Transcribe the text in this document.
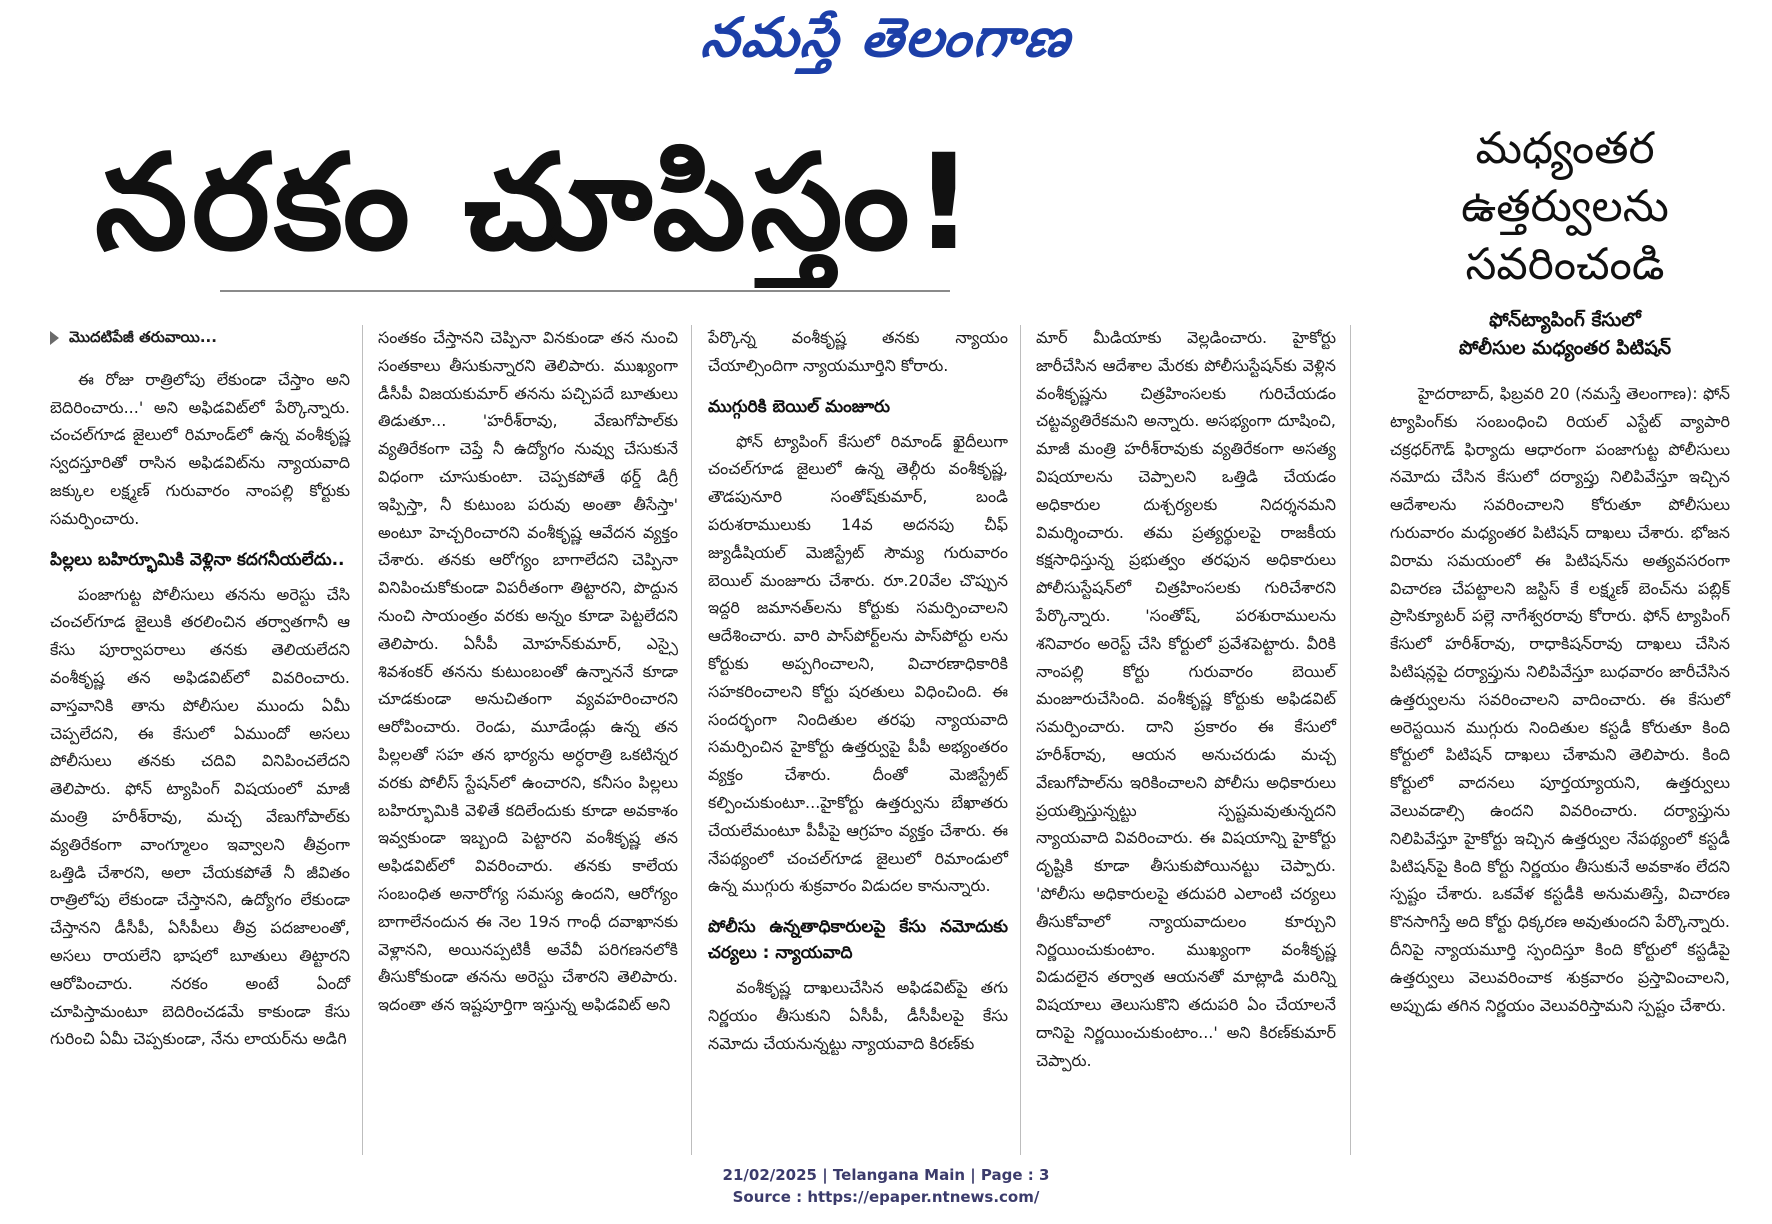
నమస్తే తెలంగాణ
నరకం చూపిస్తం!	మధ్యంతర
ఉత్తర్వులను
సవరించండి
ఫోన్‌ట్యాపింగ్ కేసులో
పోలీసుల మధ్యంతర పిటిషన్
మొదటిపేజీ తరువాయి...

ఈ రోజు రాత్రిలోపు లేకుండా చేస్తాం అని బెదిరించారు...' అని అఫిడవిట్‌లో పేర్కొన్నారు. చంచల్‌గూడ జైలులో రిమాండ్‌లో ఉన్న వంశీకృష్ణ స్వదస్తూరితో రాసిన అఫిడవిట్‌ను న్యాయవాది జక్కుల లక్ష్మణ్ గురువారం నాంపల్లి కోర్టుకు సమర్పించారు.

పిల్లలు బహిర్భూమికి వెళ్లినా కదగనీయలేదు..

పంజాగుట్ట పోలీసులు తనను అరెస్టు చేసి చంచల్‌గూడ జైలుకి తరలించిన తర్వాతగానీ ఆ కేసు పూర్వాపరాలు తనకు తెలియలేదని వంశీకృష్ణ తన అఫిడవిట్‌లో వివరించారు. వాస్తవానికి తాను పోలీసుల ముందు ఏమీ చెప్పలేదని, ఈ కేసులో ఏముందో అసలు పోలీసులు తనకు చదివి వినిపించలేదని తెలిపారు. ఫోన్ ట్యాపింగ్ విషయంలో మాజీ మంత్రి హరీశ్‌రావు, మచ్చ వేణుగోపాల్‌కు వ్యతిరేకంగా వాంగ్మూలం ఇవ్వాలని తీవ్రంగా ఒత్తిడి చేశారని, అలా చేయకపోతే నీ జీవితం రాత్రిలోపు లేకుండా చేస్తానని, ఉద్యోగం లేకుండా చేస్తానని డీసీపీ, ఏసీపీలు తీవ్ర పదజాలంతో, అసలు రాయలేని భాషలో బూతులు తిట్టారని ఆరోపించారు. నరకం అంటే ఏందో చూపిస్తామంటూ బెదిరించడమే కాకుండా కేసు గురించి ఏమీ చెప్పకుండా, నేను లాయర్‌ను అడిగి

సంతకం చేస్తానని చెప్పినా వినకుండా తన నుంచి సంతకాలు తీసుకున్నారని తెలిపారు. ముఖ్యంగా డీసీపీ విజయకుమార్ తనను పచ్చిపదే బూతులు తిడుతూ... 'హరీశ్‌రావు, వేణుగోపాల్‌కు వ్యతిరేకంగా చెప్తే నీ ఉద్యోగం నువ్వు చేసుకునే విధంగా చూసుకుంటా. చెప్పకపోతే థర్డ్ డిగ్రీ ఇప్పిస్తా, నీ కుటుంబ పరువు అంతా తీసేస్తా' అంటూ హెచ్చరించారని వంశీకృష్ణ ఆవేదన వ్యక్తం చేశారు. తనకు ఆరోగ్యం బాగాలేదని చెప్పినా వినిపించుకోకుండా విపరీతంగా తిట్టారని, పొద్దున నుంచి సాయంత్రం వరకు అన్నం కూడా పెట్టలేదని తెలిపారు. ఏసీపీ మోహన్‌కుమార్, ఎస్సై శివశంకర్ తనను కుటుంబంతో ఉన్నాననే కూడా చూడకుండా అనుచితంగా వ్యవహరించారని ఆరోపించారు. రెండు, మూడేండ్లు ఉన్న తన పిల్లలతో సహ తన భార్యను అర్ధరాత్రి ఒకటిన్నర వరకు పోలీస్ స్టేషన్‌లో ఉంచారని, కనీసం పిల్లలు బహిర్భూమికి వెళితే కదిలేందుకు కూడా అవకాశం ఇవ్వకుండా ఇబ్బంది పెట్టారని వంశీకృష్ణ తన అఫిడవిట్‌లో వివరించారు. తనకు కాలేయ సంబంధిత అనారోగ్య సమస్య ఉందని, ఆరోగ్యం బాగాలేనందున ఈ నెల 19న గాంధీ దవాఖానకు వెళ్లానని, అయినప్పటికీ అవేవీ పరిగణనలోకి తీసుకోకుండా తనను అరెస్టు చేశారని తెలిపారు. ఇదంతా తన ఇష్టపూర్తిగా ఇస్తున్న అఫిడవిట్ అని

పేర్కొన్న వంశీకృష్ణ తనకు న్యాయం చేయాల్సిందిగా న్యాయమూర్తిని కోరారు.

ముగ్గురికి బెయిల్ మంజూరు

ఫోన్ ట్యాపింగ్ కేసులో రిమాండ్ ఖైదీలుగా చంచల్‌గూడ జైలులో ఉన్న తెల్గీరు వంశీకృష్ణ, తౌడపునూరి సంతోష్‌కుమార్, బండి పరుశరాములుకు 14వ అదనపు చీఫ్ జ్యుడీషియల్ మెజిస్ట్రేట్ సౌమ్య గురువారం బెయిల్ మంజూరు చేశారు. రూ.20వేల చొప్పున ఇద్దరి జమానత్‌లను కోర్టుకు సమర్పించాలని ఆదేశించారు. వారి పాస్‌పోర్ట్‌లను పాస్‌పోర్టు లను కోర్టుకు అప్పగించాలని, విచారణాధికారికి సహకరించాలని కోర్టు షరతులు విధించింది. ఈ సందర్భంగా నిందితుల తరఫు న్యాయవాది సమర్పించిన హైకోర్టు ఉత్తర్వుపై పీపీ అభ్యంతరం వ్యక్తం చేశారు. దీంతో మెజిస్ట్రేట్ కల్పించుకుంటూ...హైకోర్టు ఉత్తర్వును బేఖాతరు చేయలేమంటూ పీపీపై ఆగ్రహం వ్యక్తం చేశారు. ఈ నేపథ్యంలో చంచల్‌గూడ జైలులో రిమాండులో ఉన్న ముగ్గురు శుక్రవారం విడుదల కానున్నారు.

పోలీసు ఉన్నతాధికారులపై కేసు నమోదుకు చర్యలు : న్యాయవాది

వంశీకృష్ణ దాఖలుచేసిన అఫిడవిట్‌పై తగు నిర్ణయం తీసుకుని ఏసీపీ, డీసీపీలపై కేసు నమోదు చేయనున్నట్టు న్యాయవాది కిరణ్‌కు

మార్ మీడియాకు వెల్లడించారు. హైకోర్టు జారీచేసిన ఆదేశాల మేరకు పోలీసుస్టేషన్‌కు వెళ్లిన వంశీకృష్ణను చిత్రహింసలకు గురిచేయడం చట్టవ్యతిరేకమని అన్నారు. అసభ్యంగా దూషించి, మాజీ మంత్రి హరీశ్‌రావుకు వ్యతిరేకంగా అసత్య విషయాలను చెప్పాలని ఒత్తిడి చేయడం అధికారుల దుశ్చర్యలకు నిదర్శనమని విమర్శించారు. తమ ప్రత్యర్థులపై రాజకీయ కక్షసాధిస్తున్న ప్రభుత్వం తరఫున అధికారులు పోలీసుస్టేషన్‌లో చిత్రహింసలకు గురిచేశారని పేర్కొన్నారు. 'సంతోష్, పరశురాములను శనివారం అరెస్ట్ చేసి కోర్టులో ప్రవేశపెట్టారు. వీరికి నాంపల్లి కోర్టు గురువారం బెయిల్ మంజూరుచేసింది. వంశీకృష్ణ కోర్టుకు అఫిడవిట్ సమర్పించారు. దాని ప్రకారం ఈ కేసులో హరీశ్‌రావు, ఆయన అనుచరుడు మచ్చ వేణుగోపాల్‌ను ఇరికించాలని పోలీసు అధికారులు ప్రయత్నిస్తున్నట్టు స్పష్టమవుతున్నదని న్యాయవాది వివరించారు. ఈ విషయాన్ని హైకోర్టు దృష్టికి కూడా తీసుకుపోయినట్టు చెప్పారు. 'పోలీసు అధికారులపై తదుపరి ఎలాంటి చర్యలు తీసుకోవాలో న్యాయవాదులం కూర్చుని నిర్ణయించుకుంటాం. ముఖ్యంగా వంశీకృష్ణ విడుదలైన తర్వాత ఆయనతో మాట్లాడి మరిన్ని విషయాలు తెలుసుకొని తదుపరి ఏం చేయాలనే దానిపై నిర్ణయించుకుంటాం...' అని కిరణ్‌కుమార్ చెప్పారు.

హైదరాబాద్, ఫిబ్రవరి 20 (నమస్తే తెలంగాణ): ఫోన్ ట్యాపింగ్‌కు సంబంధించి రియల్ ఎస్టేట్ వ్యాపారి చక్రధర్‌గౌడ్ ఫిర్యాదు ఆధారంగా పంజాగుట్ట పోలీసులు నమోదు చేసిన కేసులో దర్యాప్తు నిలిపివేస్తూ ఇచ్చిన ఆదేశాలను సవరించాలని కోరుతూ పోలీసులు గురువారం మధ్యంతర పిటిషన్ దాఖలు చేశారు. భోజన విరామ సమయంలో ఈ పిటిషన్‌ను అత్యవసరంగా విచారణ చేపట్టాలని జస్టిస్ కే లక్ష్మణ్ బెంచ్‌ను పబ్లిక్ ప్రాసిక్యూటర్ పల్లె నాగేశ్వరరావు కోరారు. ఫోన్ ట్యాపింగ్ కేసులో హరీశ్‌రావు, రాధాకిషన్‌రావు దాఖలు చేసిన పిటిషన్లపై దర్యాప్తును నిలిపివేస్తూ బుధవారం జారీచేసిన ఉత్తర్వులను సవరించాలని వాదించారు. ఈ కేసులో అరెస్టయిన ముగ్గురు నిందితుల కస్టడీ కోరుతూ కింది కోర్టులో పిటిషన్ దాఖలు చేశామని తెలిపారు. కింది కోర్టులో వాదనలు పూర్తయ్యాయని, ఉత్తర్వులు వెలువడాల్సి ఉందని వివరించారు. దర్యాప్తును నిలిపివేస్తూ హైకోర్టు ఇచ్చిన ఉత్తర్వుల నేపథ్యంలో కస్టడీ పిటిషన్‌పై కింది కోర్టు నిర్ణయం తీసుకునే అవకాశం లేదని స్పష్టం చేశారు. ఒకవేళ కస్టడీకి అనుమతిస్తే, విచారణ కొనసాగిస్తే అది కోర్టు ధిక్కరణ అవుతుందని పేర్కొన్నారు. దీనిపై న్యాయమూర్తి స్పందిస్తూ కింది కోర్టులో కస్టడీపై ఉత్తర్వులు వెలువరించాక శుక్రవారం ప్రస్తావించాలని, అప్పుడు తగిన నిర్ణయం వెలువరిస్తామని స్పష్టం చేశారు.

21/02/2025 | Telangana Main | Page : 3
Source : https://epaper.ntnews.com/
